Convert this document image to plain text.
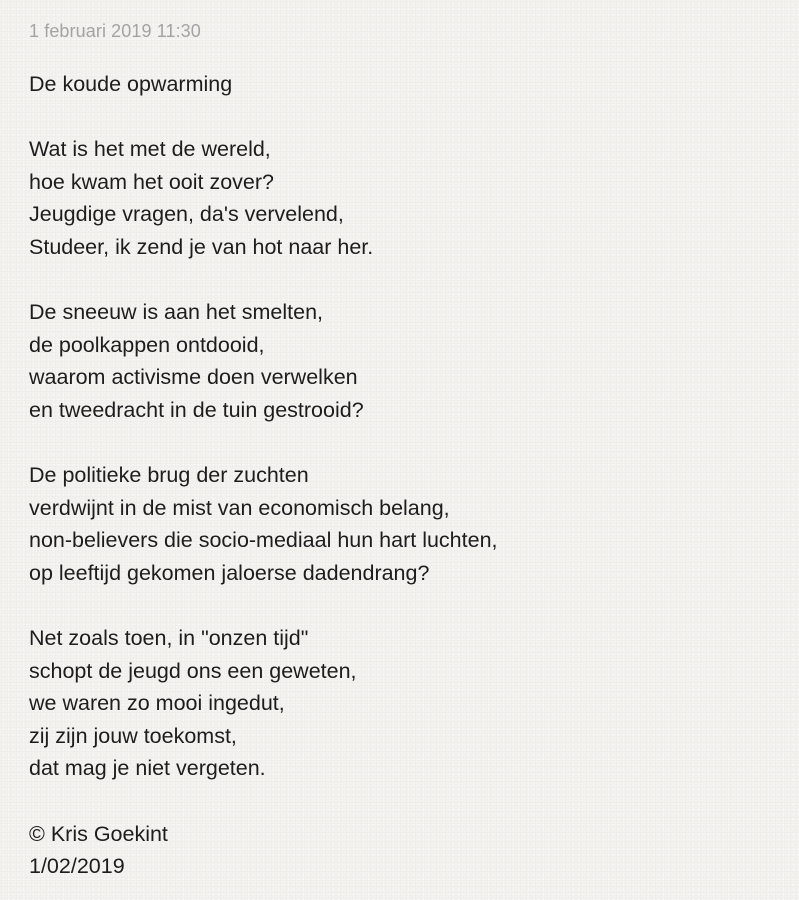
1 februari 2019 11:30
De koude opwarming
Wat is het met de wereld,
hoe kwam het ooit zover?
Jeugdige vragen, da's vervelend,
Studeer, ik zend je van hot naar her.
De sneeuw is aan het smelten,
de poolkappen ontdooid,
waarom activisme doen verwelken
en tweedracht in de tuin gestrooid?
De politieke brug der zuchten
verdwijnt in de mist van economisch belang,
non-believers die socio-mediaal hun hart luchten,
op leeftijd gekomen jaloerse dadendrang?
Net zoals toen, in "onzen tijd"
schopt de jeugd ons een geweten,
we waren zo mooi ingedut,
zij zijn jouw toekomst,
dat mag je niet vergeten.
© Kris Goekint
1/02/2019
